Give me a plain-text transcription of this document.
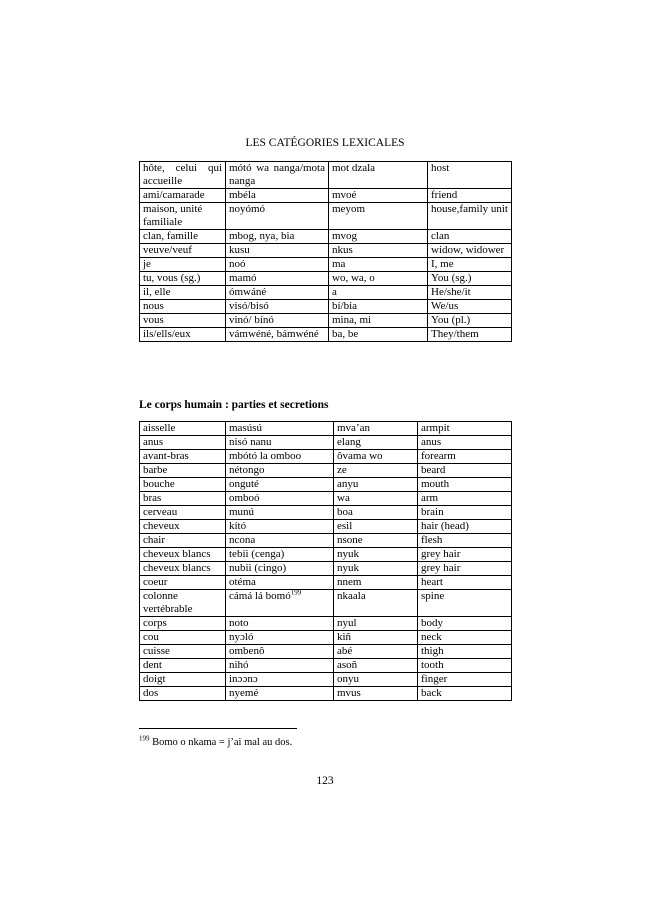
LES CATÉGORIES LEXICALES
hôte, celui qui accueille	mótó wa nanga/mota nanga	mot dzala	host
ami/camarade	mbéla	mvoé	friend
maison, unité familiale	noyómó	meyom	house,family unit
clan, famille	mbog, nya, bia	mvog	clan
veuve/veuf	kusu	nkus	widow, widower
je	noó	ma	I, me
tu, vous (sg.)	mamó	wo, wa, o	You (sg.)
il, elle	ómwáné	a	He/she/it
nous	visó/bisó	bí/bia	We/us
vous	vinó/ bínó	mina, mi	You (pl.)
ils/ells/eux	vámwéné, bámwéné	ba, be	They/them
Le corps humain : parties et secretions
aisselle	masúsú	mva’an	armpit
anus	nisó nanu	elang	anus
avant-bras	mbótó la omboo	ôvama wo	forearm
barbe	nétongo	ze	beard
bouche	onguté	anyu	mouth
bras	omboó	wa	arm
cerveau	munú	boa	brain
cheveux	kító	esil	hair (head)
chair	ncona	nsone	flesh
cheveux blancs	tebii (cenga)	nyuk	grey hair
cheveux blancs	nubii (cingo)	nyuk	grey hair
coeur	otéma	nnem	heart
colonne vertébrable	cámá lá bomó$^{199}$	nkaala	spine
corps	noto	nyul	body
cou	nyɔló	kiñ	neck
cuisse	ombenô	abé	thigh
dent	nihó	asoñ	tooth
doigt	inɔɔnɔ	onyu	finger
dos	nyemé	mvus	back
$^{199}$ Bomo o nkama = j’ai mal au dos.
123
